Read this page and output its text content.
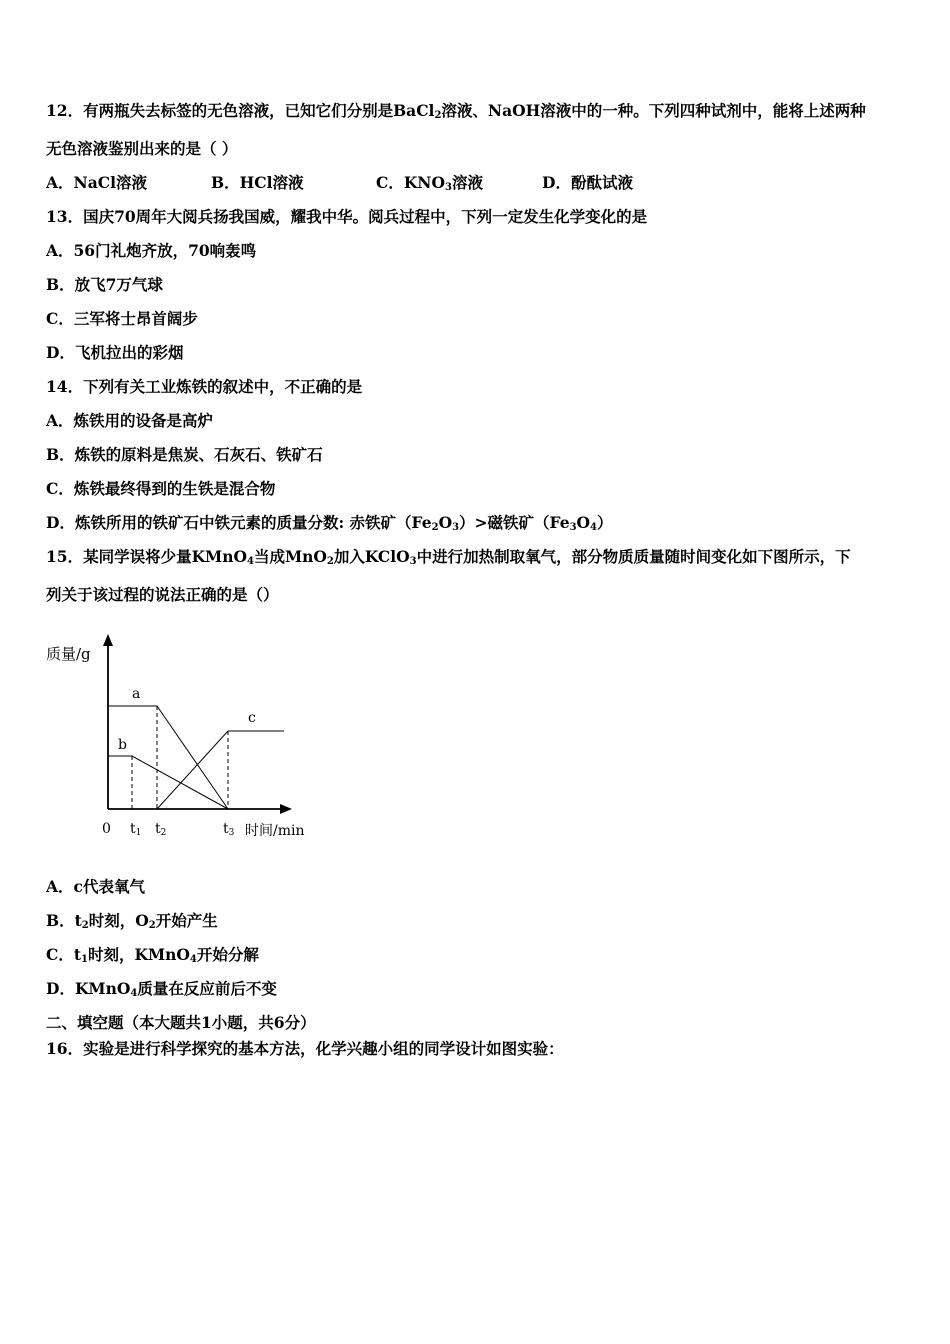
12．有两瓶失去标签的无色溶液，已知它们分别是BaCl$_2$溶液、NaOH溶液中的一种。下列四种试剂中，能将上述两种
无色溶液鉴别出来的是（ ）
A．NaCl溶液	B．HCl溶液	C．$KNO_3$溶液	D．酚酞试液
13．国庆70周年大阅兵扬我国威，耀我中华。阅兵过程中，下列一定发生化学变化的是
A．56门礼炮齐放，70响轰鸣
B．放飞7万气球
C．三军将士昂首阔步
D．飞机拉出的彩烟
14．下列有关工业炼铁的叙述中，不正确的是
A．炼铁用的设备是高炉
B．炼铁的原料是焦炭、石灰石、铁矿石
C．炼铁最终得到的生铁是混合物
D．炼铁所用的铁矿石中铁元素的质量分数: 赤铁矿$(Fe_2O_3)>$磁铁矿$(Fe_3O_4)$
15．某同学误将少量KMnO$_4$当成MnO$_2$加入KClO$_3$中进行加热制取氧气，部分物质质量随时间变化如下图所示，下
列关于该过程的说法正确的是（）
a
b
c
质量/g
0 t1 t2	t3 时间/min
A．c代表氧气
B．$t_2$时刻，$O_2$开始产生
C．$t_1$时刻，KMnO$_4$开始分解
D．KMnO$_4$质量在反应前后不变
二、填空题（本大题共1小题，共6分）
16．实验是进行科学探究的基本方法，化学兴趣小组的同学设计如图实验：
